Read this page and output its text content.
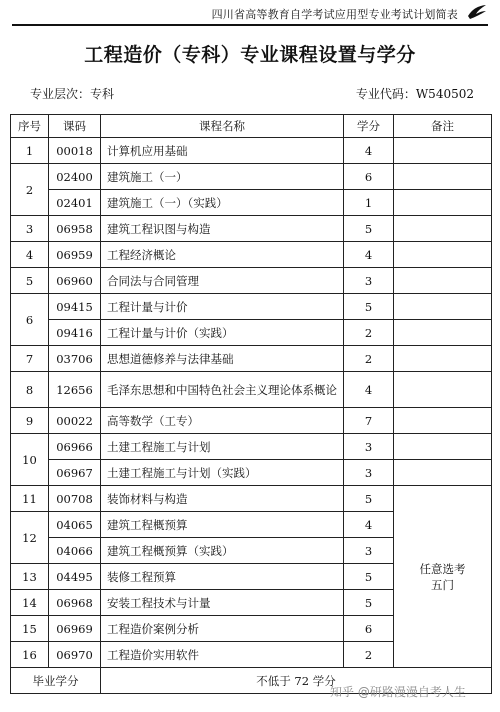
四川省高等教育自学考试应用型专业考试计划简表
工程造价（专科）专业课程设置与学分
专业层次：专科	专业代码：W540502
序号	课码	课程名称	学分	备注
1	00018	计算机应用基础	4	
2	02400	建筑施工（一）	6	
	02401	建筑施工（一）（实践）	1	
3	06958	建筑工程识图与构造	5	
4	06959	工程经济概论	4	
5	06960	合同法与合同管理	3	
6	09415	工程计量与计价	5	
	09416	工程计量与计价（实践）	2	
7	03706	思想道德修养与法律基础	2	
8	12656	毛泽东思想和中国特色社会主义理论体系概论	4	
9	00022	高等数学（工专）	7	
10	06966	土建工程施工与计划	3	
	06967	土建工程施工与计划（实践）	3	
11	00708	装饰材料与构造	5	任意选考
五门
12	04065	建筑工程概预算	4	
	04066	建筑工程概预算（实践）	3	
13	04495	装修工程预算	5	
14	06968	安装工程技术与计量	5	
15	06969	工程造价案例分析	6	
16	06970	工程造价实用软件	2	
毕业学分		不低于 72 学分		
知乎 @研路漫漫自考人生
